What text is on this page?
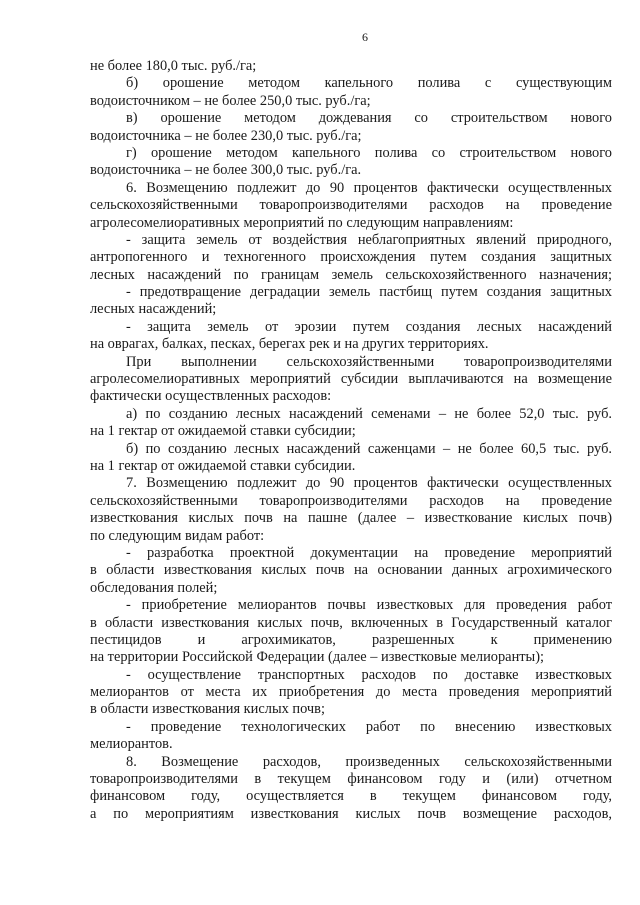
6
не более 180,0 тыс. руб./га;
б) орошение методом капельного полива с существующим
водоисточником – не более 250,0 тыс. руб./га;
в) орошение методом дождевания со строительством нового
водоисточника – не более 230,0 тыс. руб./га;
г) орошение методом капельного полива со строительством нового
водоисточника – не более 300,0 тыс. руб./га.
6. Возмещению подлежит до 90 процентов фактически осуществленных
сельскохозяйственными товаропроизводителями расходов на проведение
агролесомелиоративных мероприятий по следующим направлениям:
- защита земель от воздействия неблагоприятных явлений природного,
антропогенного и техногенного происхождения путем создания защитных
лесных насаждений по границам земель сельскохозяйственного назначения;
- предотвращение деградации земель пастбищ путем создания защитных
лесных насаждений;
- защита земель от эрозии путем создания лесных насаждений
на оврагах, балках, песках, берегах рек и на других территориях.
При выполнении сельскохозяйственными товаропроизводителями
агролесомелиоративных мероприятий субсидии выплачиваются на возмещение
фактически осуществленных расходов:
а) по созданию лесных насаждений семенами – не более 52,0 тыс. руб.
на 1 гектар от ожидаемой ставки субсидии;
б) по созданию лесных насаждений саженцами – не более 60,5 тыс. руб.
на 1 гектар от ожидаемой ставки субсидии.
7. Возмещению подлежит до 90 процентов фактически осуществленных
сельскохозяйственными товаропроизводителями расходов на проведение
известкования кислых почв на пашне (далее – известкование кислых почв)
по следующим видам работ:
- разработка проектной документации на проведение мероприятий
в области известкования кислых почв на основании данных агрохимического
обследования полей;
- приобретение мелиорантов почвы известковых для проведения работ
в области известкования кислых почв, включенных в Государственный каталог
пестицидов и агрохимикатов, разрешенных к применению
на территории Российской Федерации (далее – известковые мелиоранты);
- осуществление транспортных расходов по доставке известковых
мелиорантов от места их приобретения до места проведения мероприятий
в области известкования кислых почв;
- проведение технологических работ по внесению известковых
мелиорантов.
8. Возмещение расходов, произведенных сельскохозяйственными
товаропроизводителями в текущем финансовом году и (или) отчетном
финансовом году, осуществляется в текущем финансовом году,
а по мероприятиям известкования кислых почв возмещение расходов,
